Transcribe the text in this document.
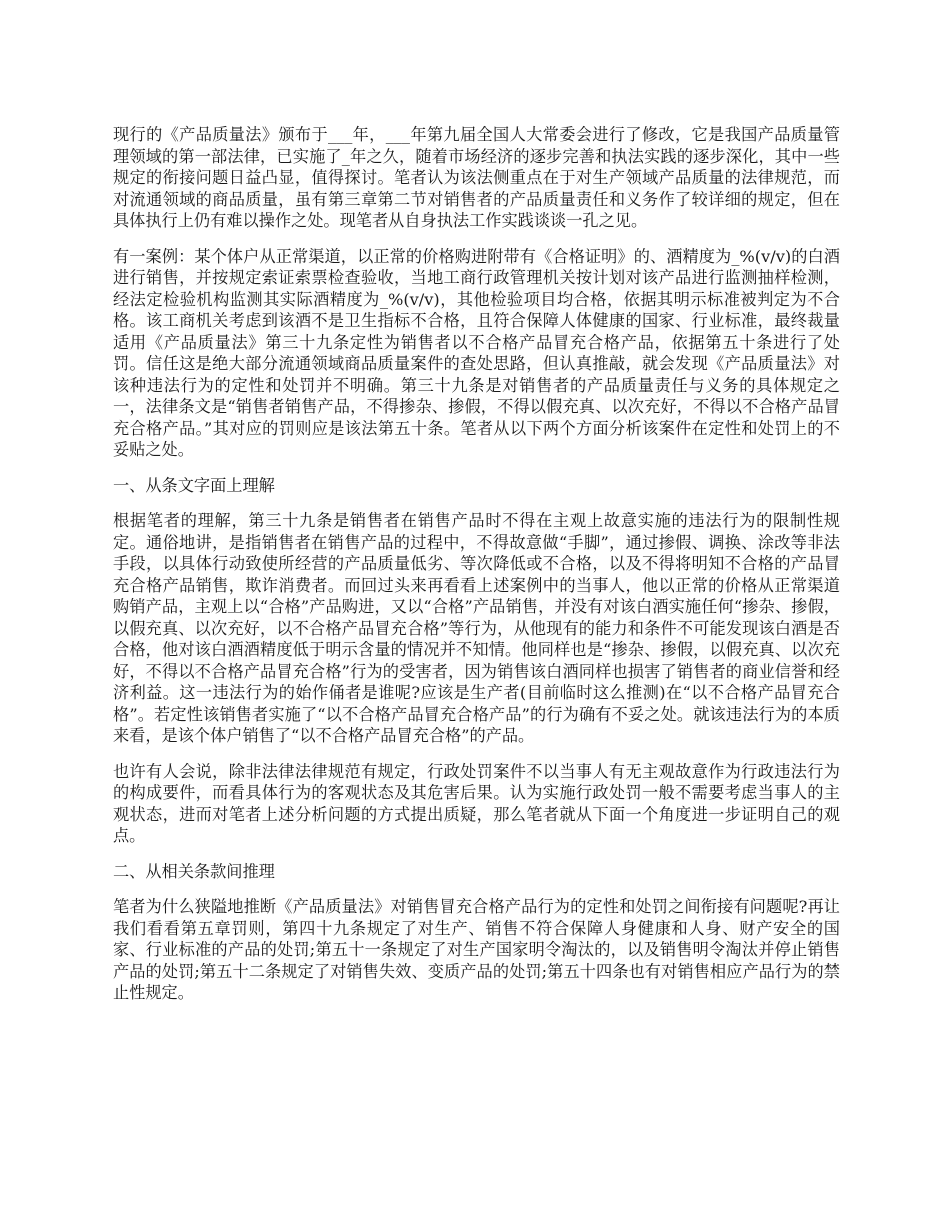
现行的《产品质量法》颁布于___年，___年第九届全国人大常委会进行了修改，它是我国产品质量管理领域的第一部法律，已实施了_年之久，随着市场经济的逐步完善和执法实践的逐步深化，其中一些规定的衔接问题日益凸显，值得探讨。笔者认为该法侧重点在于对生产领域产品质量的法律规范，而对流通领域的商品质量，虽有第三章第二节对销售者的产品质量责任和义务作了较详细的规定，但在具体执行上仍有难以操作之处。现笔者从自身执法工作实践谈谈一孔之见。

有一案例：某个体户从正常渠道，以正常的价格购进附带有《合格证明》的、酒精度为_%(v/v)的白酒进行销售，并按规定索证索票检查验收，当地工商行政管理机关按计划对该产品进行监测抽样检测，经法定检验机构监测其实际酒精度为_%(v/v)，其他检验项目均合格，依据其明示标准被判定为不合格。该工商机关考虑到该酒不是卫生指标不合格，且符合保障人体健康的国家、行业标准，最终裁量适用《产品质量法》第三十九条定性为销售者以不合格产品冒充合格产品，依据第五十条进行了处罚。信任这是绝大部分流通领域商品质量案件的查处思路，但认真推敲，就会发现《产品质量法》对该种违法行为的定性和处罚并不明确。第三十九条是对销售者的产品质量责任与义务的具体规定之一，法律条文是“销售者销售产品，不得掺杂、掺假，不得以假充真、以次充好，不得以不合格产品冒充合格产品。”其对应的罚则应是该法第五十条。笔者从以下两个方面分析该案件在定性和处罚上的不妥贴之处。

一、从条文字面上理解

根据笔者的理解，第三十九条是销售者在销售产品时不得在主观上故意实施的违法行为的限制性规定。通俗地讲，是指销售者在销售产品的过程中，不得故意做“手脚”，通过掺假、调换、涂改等非法手段，以具体行动致使所经营的产品质量低劣、等次降低或不合格，以及不得将明知不合格的产品冒充合格产品销售，欺诈消费者。而回过头来再看看上述案例中的当事人，他以正常的价格从正常渠道购销产品，主观上以“合格”产品购进，又以“合格”产品销售，并没有对该白酒实施任何“掺杂、掺假，以假充真、以次充好，以不合格产品冒充合格”等行为，从他现有的能力和条件不可能发现该白酒是否合格，他对该白酒酒精度低于明示含量的情况并不知情。他同样也是“掺杂、掺假，以假充真、以次充好，不得以不合格产品冒充合格”行为的受害者，因为销售该白酒同样也损害了销售者的商业信誉和经济利益。这一违法行为的始作俑者是谁呢?应该是生产者(目前临时这么推测)在“以不合格产品冒充合格”。若定性该销售者实施了“以不合格产品冒充合格产品”的行为确有不妥之处。就该违法行为的本质来看，是该个体户销售了“以不合格产品冒充合格”的产品。

也许有人会说，除非法律法律规范有规定，行政处罚案件不以当事人有无主观故意作为行政违法行为的构成要件，而看具体行为的客观状态及其危害后果。认为实施行政处罚一般不需要考虑当事人的主观状态，进而对笔者上述分析问题的方式提出质疑，那么笔者就从下面一个角度进一步证明自己的观点。

二、从相关条款间推理

笔者为什么狭隘地推断《产品质量法》对销售冒充合格产品行为的定性和处罚之间衔接有问题呢?再让我们看看第五章罚则，第四十九条规定了对生产、销售不符合保障人身健康和人身、财产安全的国家、行业标准的产品的处罚;第五十一条规定了对生产国家明令淘汰的，以及销售明令淘汰并停止销售产品的处罚;第五十二条规定了对销售失效、变质产品的处罚;第五十四条也有对销售相应产品行为的禁止性规定。
